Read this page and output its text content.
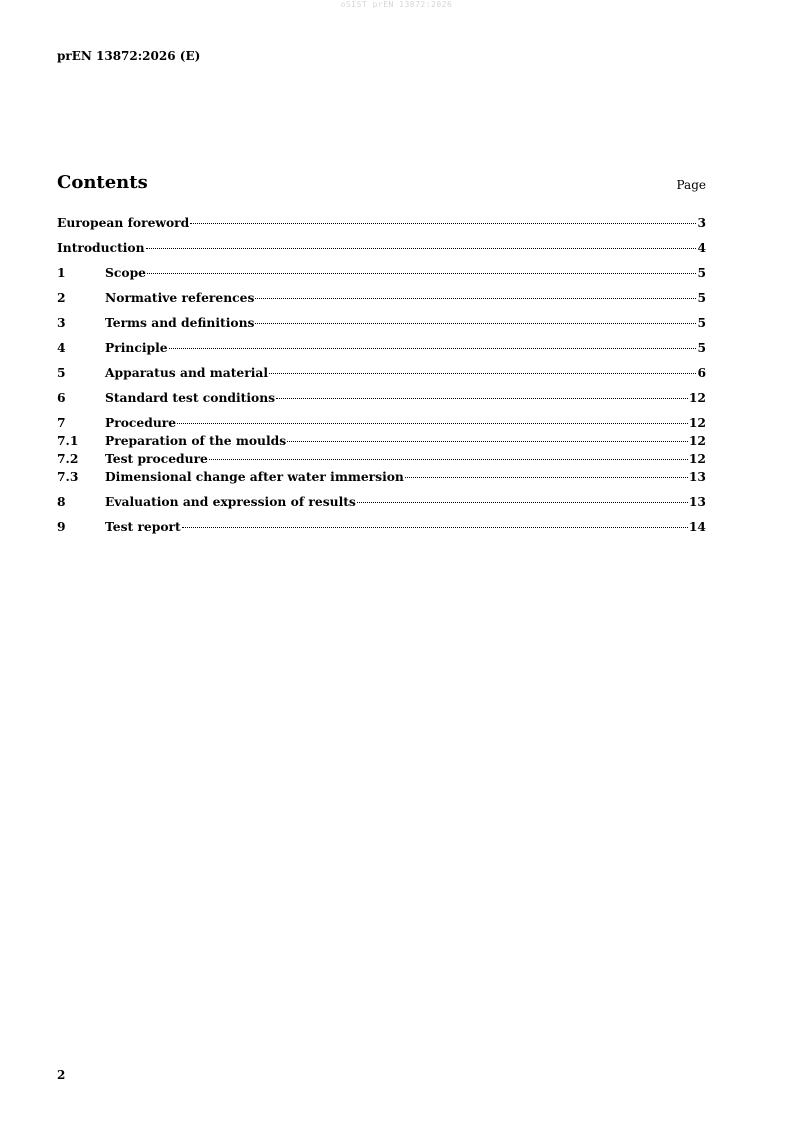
oSIST prEN 13872:2026
prEN 13872:2026 (E)
Contents	Page
European foreword	3
Introduction	4
1	Scope	5
2	Normative references	5
3	Terms and definitions	5
4	Principle	5
5	Apparatus and material	6
6	Standard test conditions	12
7	Procedure	12
7.1	Preparation of the moulds	12
7.2	Test procedure	12
7.3	Dimensional change after water immersion	13
8	Evaluation and expression of results	13
9	Test report	14
2
